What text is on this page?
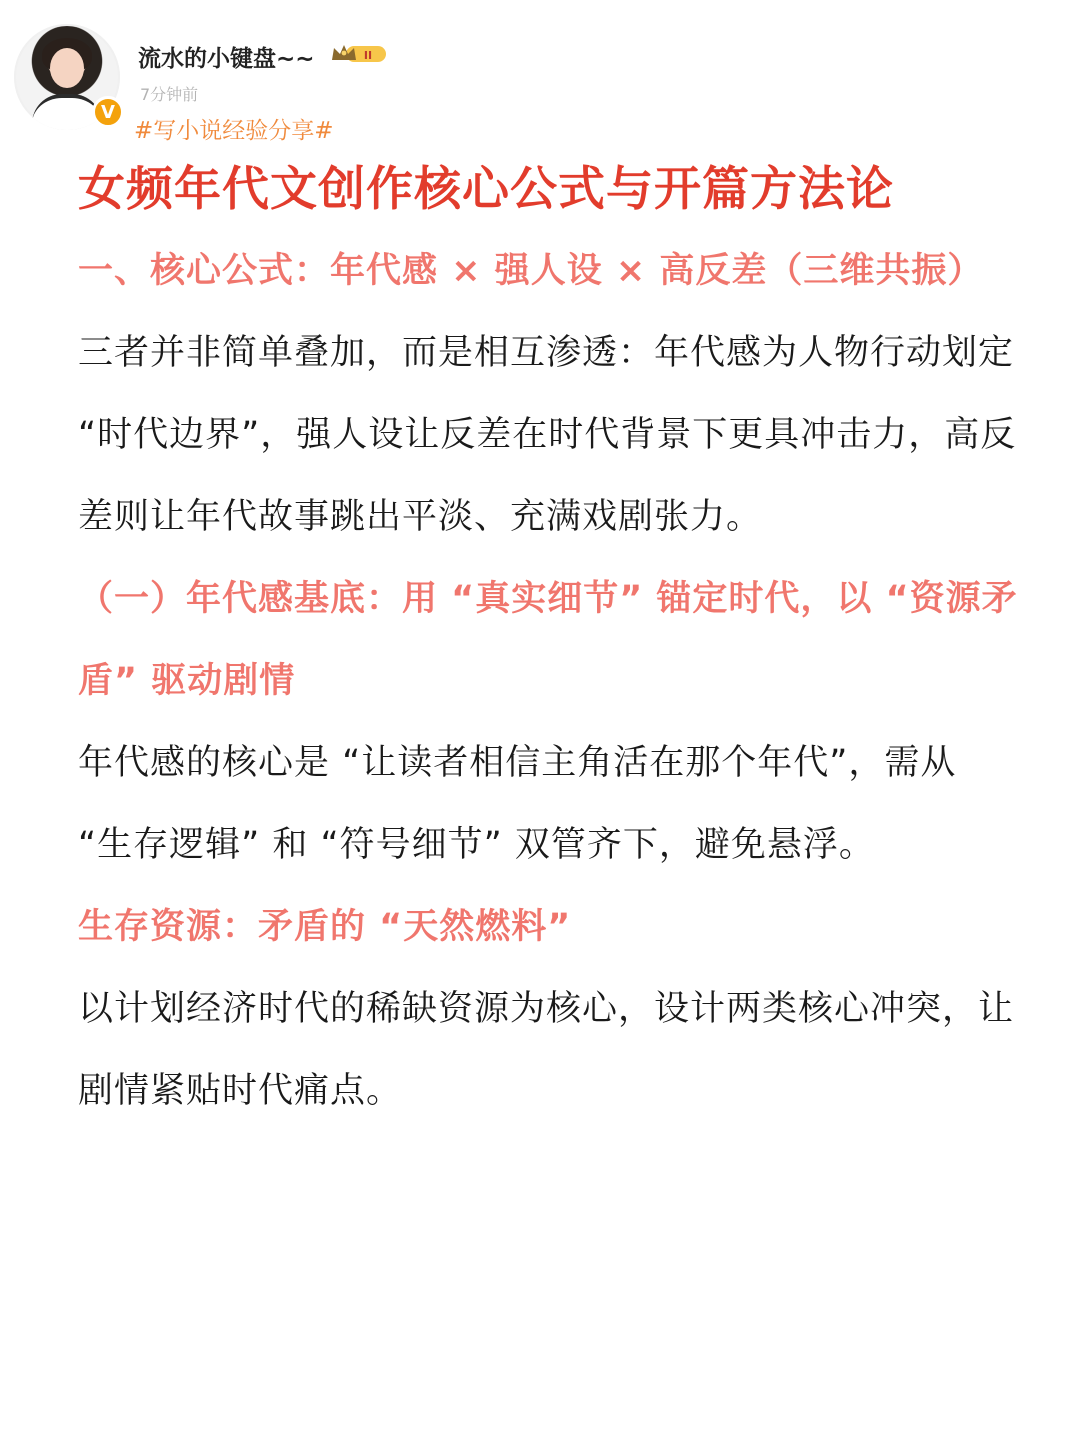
V
流水的小键盘~~	II
7分钟前
#写小说经验分享#

女频年代文创作核心公式与开篇方法论

一、核心公式：年代感 × 强人设 × 高反差（三维共振）

三者并非简单叠加，而是相互渗透：年代感为人物行动划定 “时代边界”，强人设让反差在时代背景下更具冲击力，高反差则让年代故事跳出平淡、充满戏剧张力。

（一）年代感基底：用 “真实细节” 锚定时代，以 “资源矛盾” 驱动剧情

年代感的核心是 “让读者相信主角活在那个年代”，需从 “生存逻辑” 和 “符号细节” 双管齐下，避免悬浮。

生存资源：矛盾的 “天然燃料”

以计划经济时代的稀缺资源为核心，设计两类核心冲突，让剧情紧贴时代痛点。
